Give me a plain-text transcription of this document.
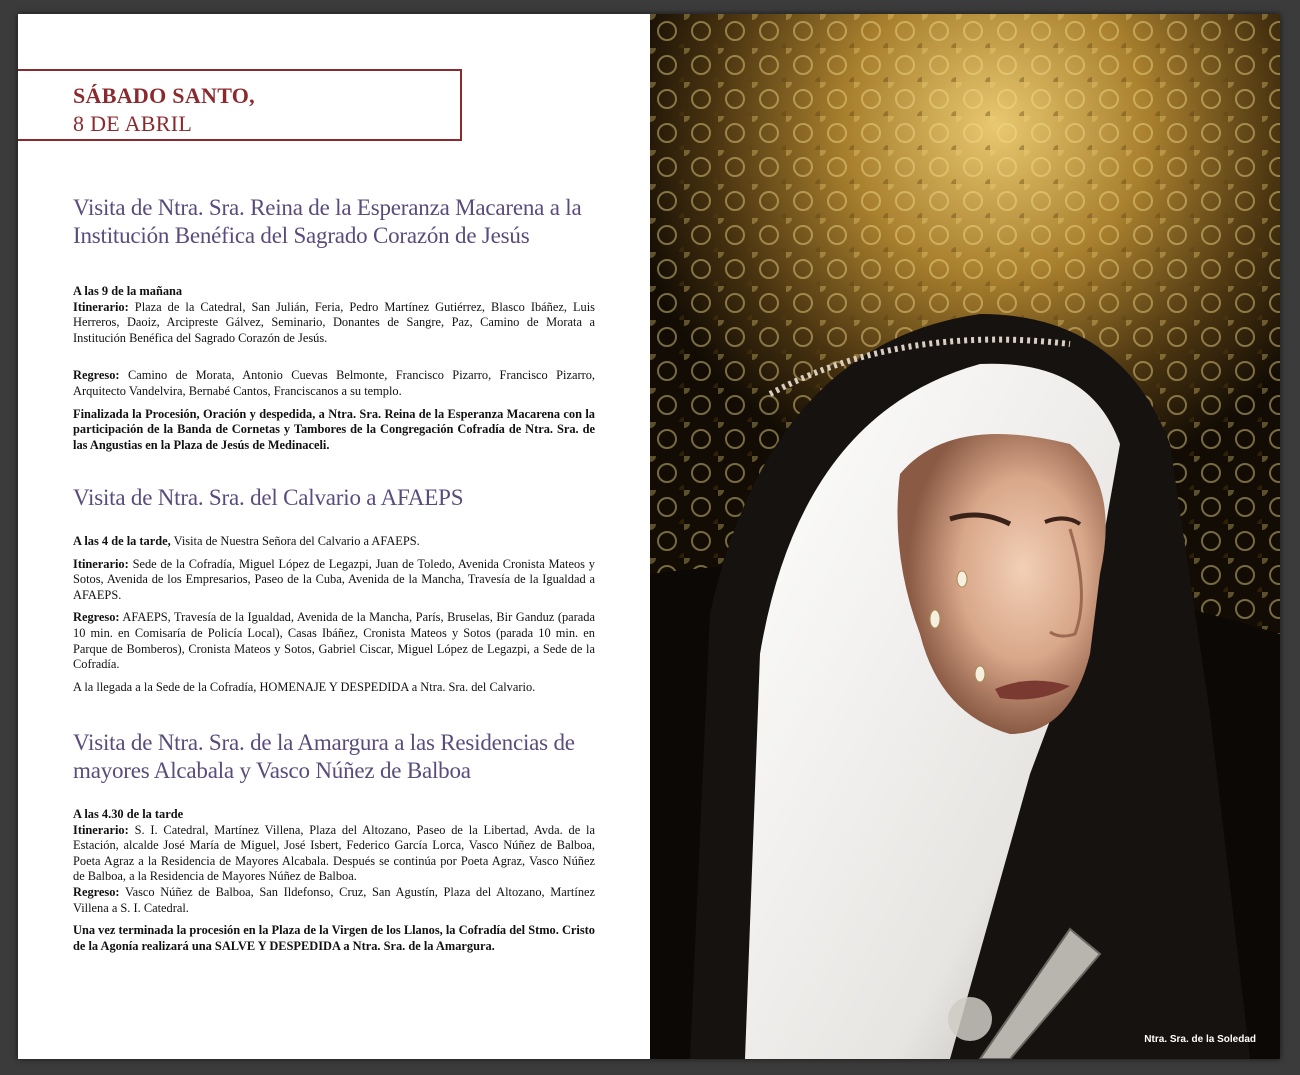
SÁBADO SANTO,
8 DE ABRIL
Visita de Ntra. Sra. Reina de la Esperanza Macarena a la
Institución Benéfica del Sagrado Corazón de Jesús

A las 9 de la mañana

Itinerario: Plaza de la Catedral, San Julián, Feria, Pedro Martínez Gutiérrez, Blasco Ibáñez, Luis Herreros, Daoiz, Arcipreste Gálvez, Seminario, Donantes de Sangre, Paz, Camino de Morata a Institución Benéfica del Sagrado Corazón de Jesús.

Regreso: Camino de Morata, Antonio Cuevas Belmonte, Francisco Pizarro, Francisco Pizarro, Arquitecto Vandelvira, Bernabé Cantos, Franciscanos a su templo.

Finalizada la Procesión, Oración y despedida, a Ntra. Sra. Reina de la Esperanza Macarena con la participación de la Banda de Cornetas y Tambores de la Congregación Cofradía de Ntra. Sra. de las Angustias en la Plaza de Jesús de Medinaceli.

Visita de Ntra. Sra. del Calvario a AFAEPS

A las 4 de la tarde, Visita de Nuestra Señora del Calvario a AFAEPS.

Itinerario: Sede de la Cofradía, Miguel López de Legazpi, Juan de Toledo, Avenida Cronista Mateos y Sotos, Avenida de los Empresarios, Paseo de la Cuba, Avenida de la Mancha, Travesía de la Igualdad a AFAEPS.

Regreso: AFAEPS, Travesía de la Igualdad, Avenida de la Mancha, París, Bruselas, Bir Ganduz (parada 10 min. en Comisaría de Policía Local), Casas Ibáñez, Cronista Mateos y Sotos (parada 10 min. en Parque de Bomberos), Cronista Mateos y Sotos, Gabriel Ciscar, Miguel López de Legazpi, a Sede de la Cofradía.

A la llegada a la Sede de la Cofradía, HOMENAJE Y DESPEDIDA a Ntra. Sra. del Calvario.

Visita de Ntra. Sra. de la Amargura a las Residencias de
mayores Alcabala y Vasco Núñez de Balboa

A las 4.30 de la tarde

Itinerario: S. I. Catedral, Martínez Villena, Plaza del Altozano, Paseo de la Libertad, Avda. de la Estación, alcalde José María de Miguel, José Isbert, Federico García Lorca, Vasco Núñez de Balboa, Poeta Agraz a la Residencia de Mayores Alcabala. Después se continúa por Poeta Agraz, Vasco Núñez de Balboa, a la Residencia de Mayores Núñez de Balboa.

Regreso: Vasco Núñez de Balboa, San Ildefonso, Cruz, San Agustín, Plaza del Altozano, Martínez Villena a S. I. Catedral.

Una vez terminada la procesión en la Plaza de la Virgen de los Llanos, la Cofradía del Stmo. Cristo de la Agonía realizará una SALVE Y DESPEDIDA a Ntra. Sra. de la Amargura.

Ntra. Sra. de la Soledad
